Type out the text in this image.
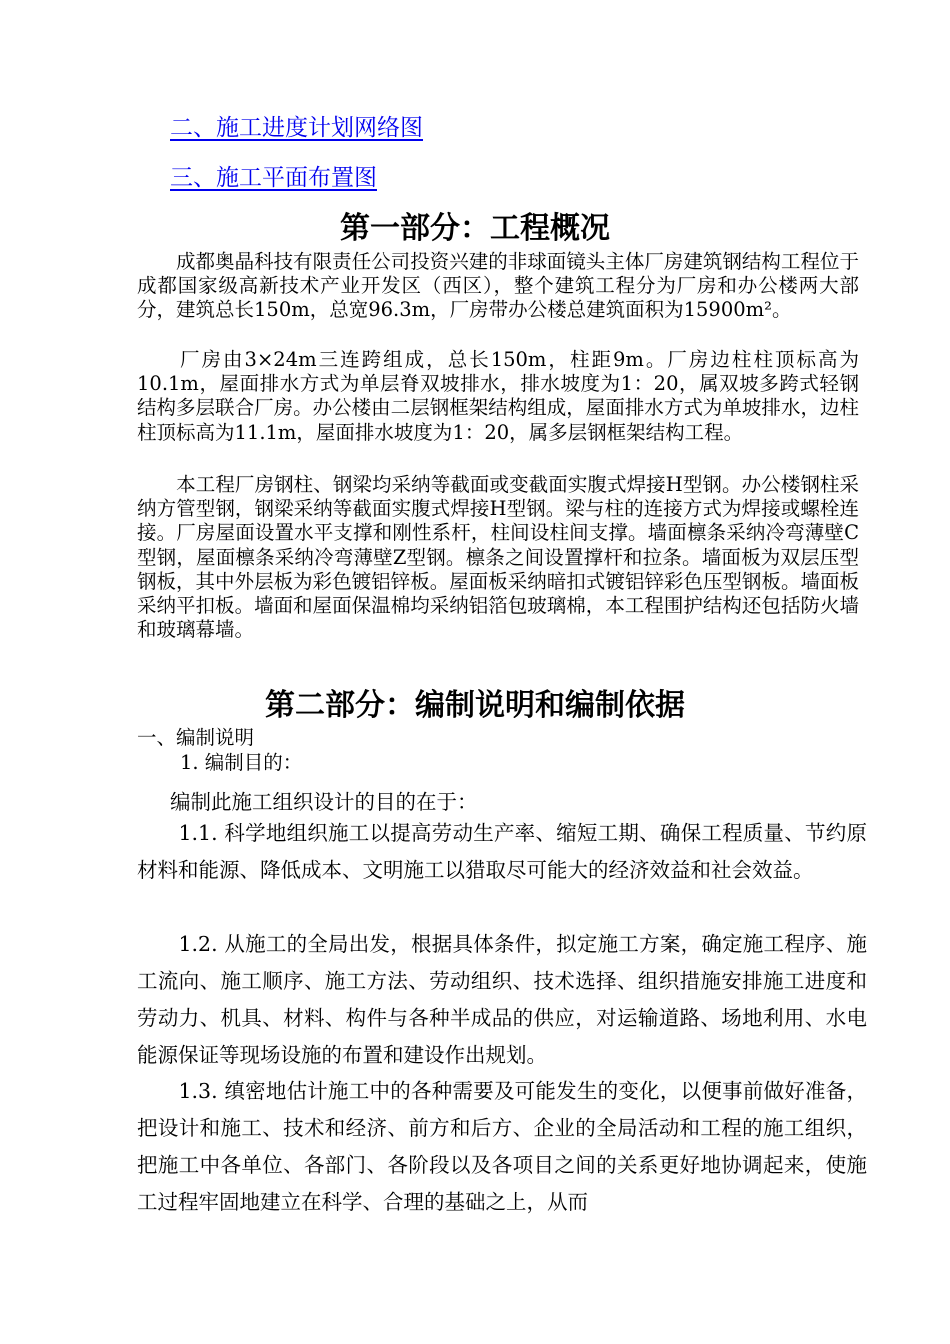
二、施工进度计划网络图
三、施工平面布置图
第一部分：工程概况

　　成都奥晶科技有限责任公司投资兴建的非球面镜头主体厂房建筑钢结构工程位于成都国家级高新技术产业开发区（西区），整个建筑工程分为厂房和办公楼两大部分，建筑总长150m，总宽96.3m，厂房带办公楼总建筑面积为15900m²。

　　厂房由3×24m三连跨组成，总长150m，柱距9m。厂房边柱柱顶标高为10.1m，屋面排水方式为单层脊双坡排水，排水坡度为1：20，属双坡多跨式轻钢结构多层联合厂房。办公楼由二层钢框架结构组成，屋面排水方式为单坡排水，边柱柱顶标高为11.1m，屋面排水坡度为1：20，属多层钢框架结构工程。

　　本工程厂房钢柱、钢梁均采纳等截面或变截面实腹式焊接H型钢。办公楼钢柱采纳方管型钢，钢梁采纳等截面实腹式焊接H型钢。梁与柱的连接方式为焊接或螺栓连接。厂房屋面设置水平支撑和刚性系杆，柱间设柱间支撑。墙面檩条采纳冷弯薄壁C型钢，屋面檩条采纳冷弯薄壁Z型钢。檩条之间设置撑杆和拉条。墙面板为双层压型钢板，其中外层板为彩色镀铝锌板。屋面板采纳暗扣式镀铝锌彩色压型钢板。墙面板采纳平扣板。墙面和屋面保温棉均采纳铝箔包玻璃棉，本工程围护结构还包括防火墙和玻璃幕墙。

第二部分：编制说明和编制依据
一、编制说明
1. 编制目的：
编制此施工组织设计的目的在于：

　　1.1. 科学地组织施工以提高劳动生产率、缩短工期、确保工程质量、节约原材料和能源、降低成本、文明施工以猎取尽可能大的经济效益和社会效益。

　　1.2. 从施工的全局出发，根据具体条件，拟定施工方案，确定施工程序、施工流向、施工顺序、施工方法、劳动组织、技术选择、组织措施安排施工进度和劳动力、机具、材料、构件与各种半成品的供应，对运输道路、场地利用、水电能源保证等现场设施的布置和建设作出规划。

　　1.3. 缜密地估计施工中的各种需要及可能发生的变化，以便事前做好准备，把设计和施工、技术和经济、前方和后方、企业的全局活动和工程的施工组织，把施工中各单位、各部门、各阶段以及各项目之间的关系更好地协调起来，使施工过程牢固地建立在科学、合理的基础之上，从而
